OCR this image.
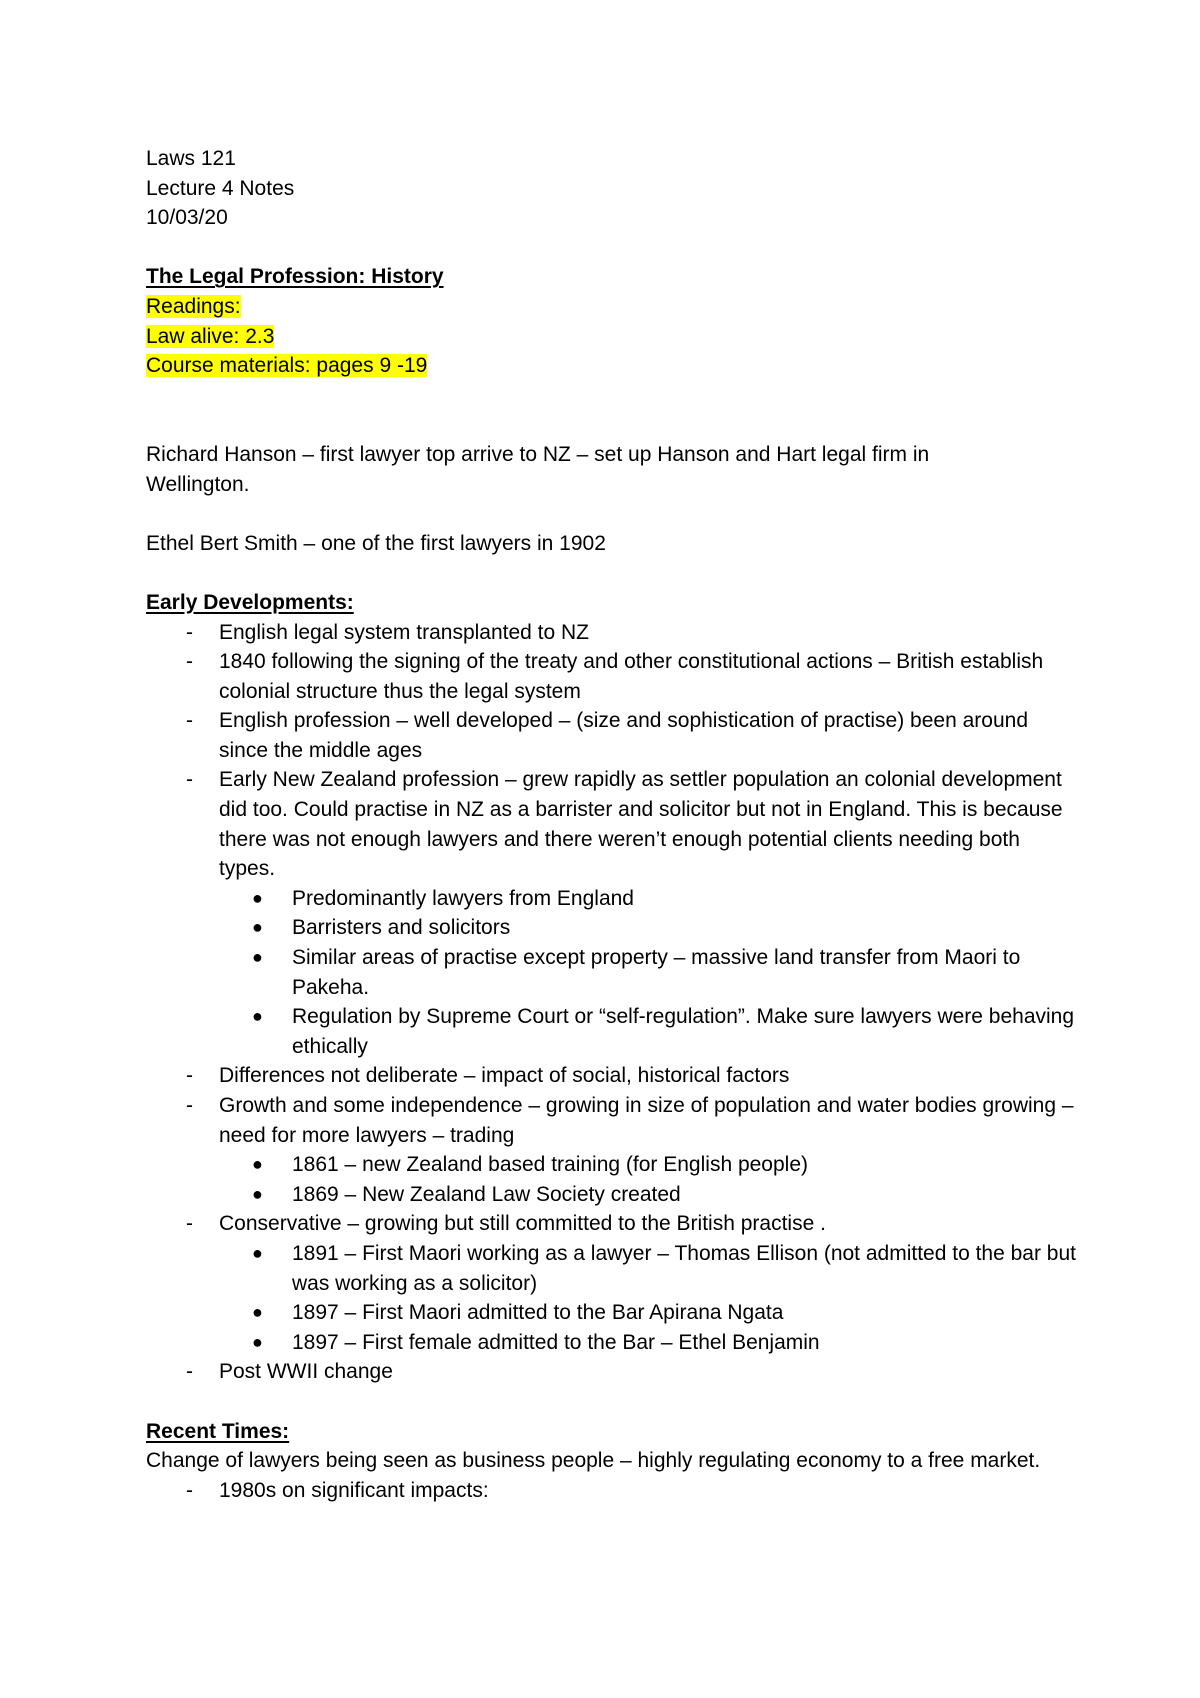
Laws 121
Lecture 4 Notes
10/03/20
The Legal Profession: History
Readings:
Law alive: 2.3
Course materials: pages 9 -19
Richard Hanson – first lawyer top arrive to NZ – set up Hanson and Hart legal firm in Wellington.
Ethel Bert Smith – one of the first lawyers in 1902
Early Developments:
- English legal system transplanted to NZ
- 1840 following the signing of the treaty and other constitutional actions – British establish colonial structure thus the legal system
- English profession – well developed – (size and sophistication of practise) been around since the middle ages
- Early New Zealand profession – grew rapidly as settler population an colonial development did too. Could practise in NZ as a barrister and solicitor but not in England. This is because there was not enough lawyers and there weren’t enough potential clients needing both types.
● Predominantly lawyers from England
● Barristers and solicitors
● Similar areas of practise except property – massive land transfer from Maori to Pakeha.
● Regulation by Supreme Court or “self-regulation”. Make sure lawyers were behaving ethically
- Differences not deliberate – impact of social, historical factors
- Growth and some independence – growing in size of population and water bodies growing – need for more lawyers – trading
● 1861 – new Zealand based training (for English people)
● 1869 – New Zealand Law Society created
- Conservative – growing but still committed to the British practise .
● 1891 – First Maori working as a lawyer – Thomas Ellison (not admitted to the bar but was working as a solicitor)
● 1897 – First Maori admitted to the Bar Apirana Ngata
● 1897 – First female admitted to the Bar – Ethel Benjamin
- Post WWII change
Recent Times:
Change of lawyers being seen as business people – highly regulating economy to a free market.
- 1980s on significant impacts:
